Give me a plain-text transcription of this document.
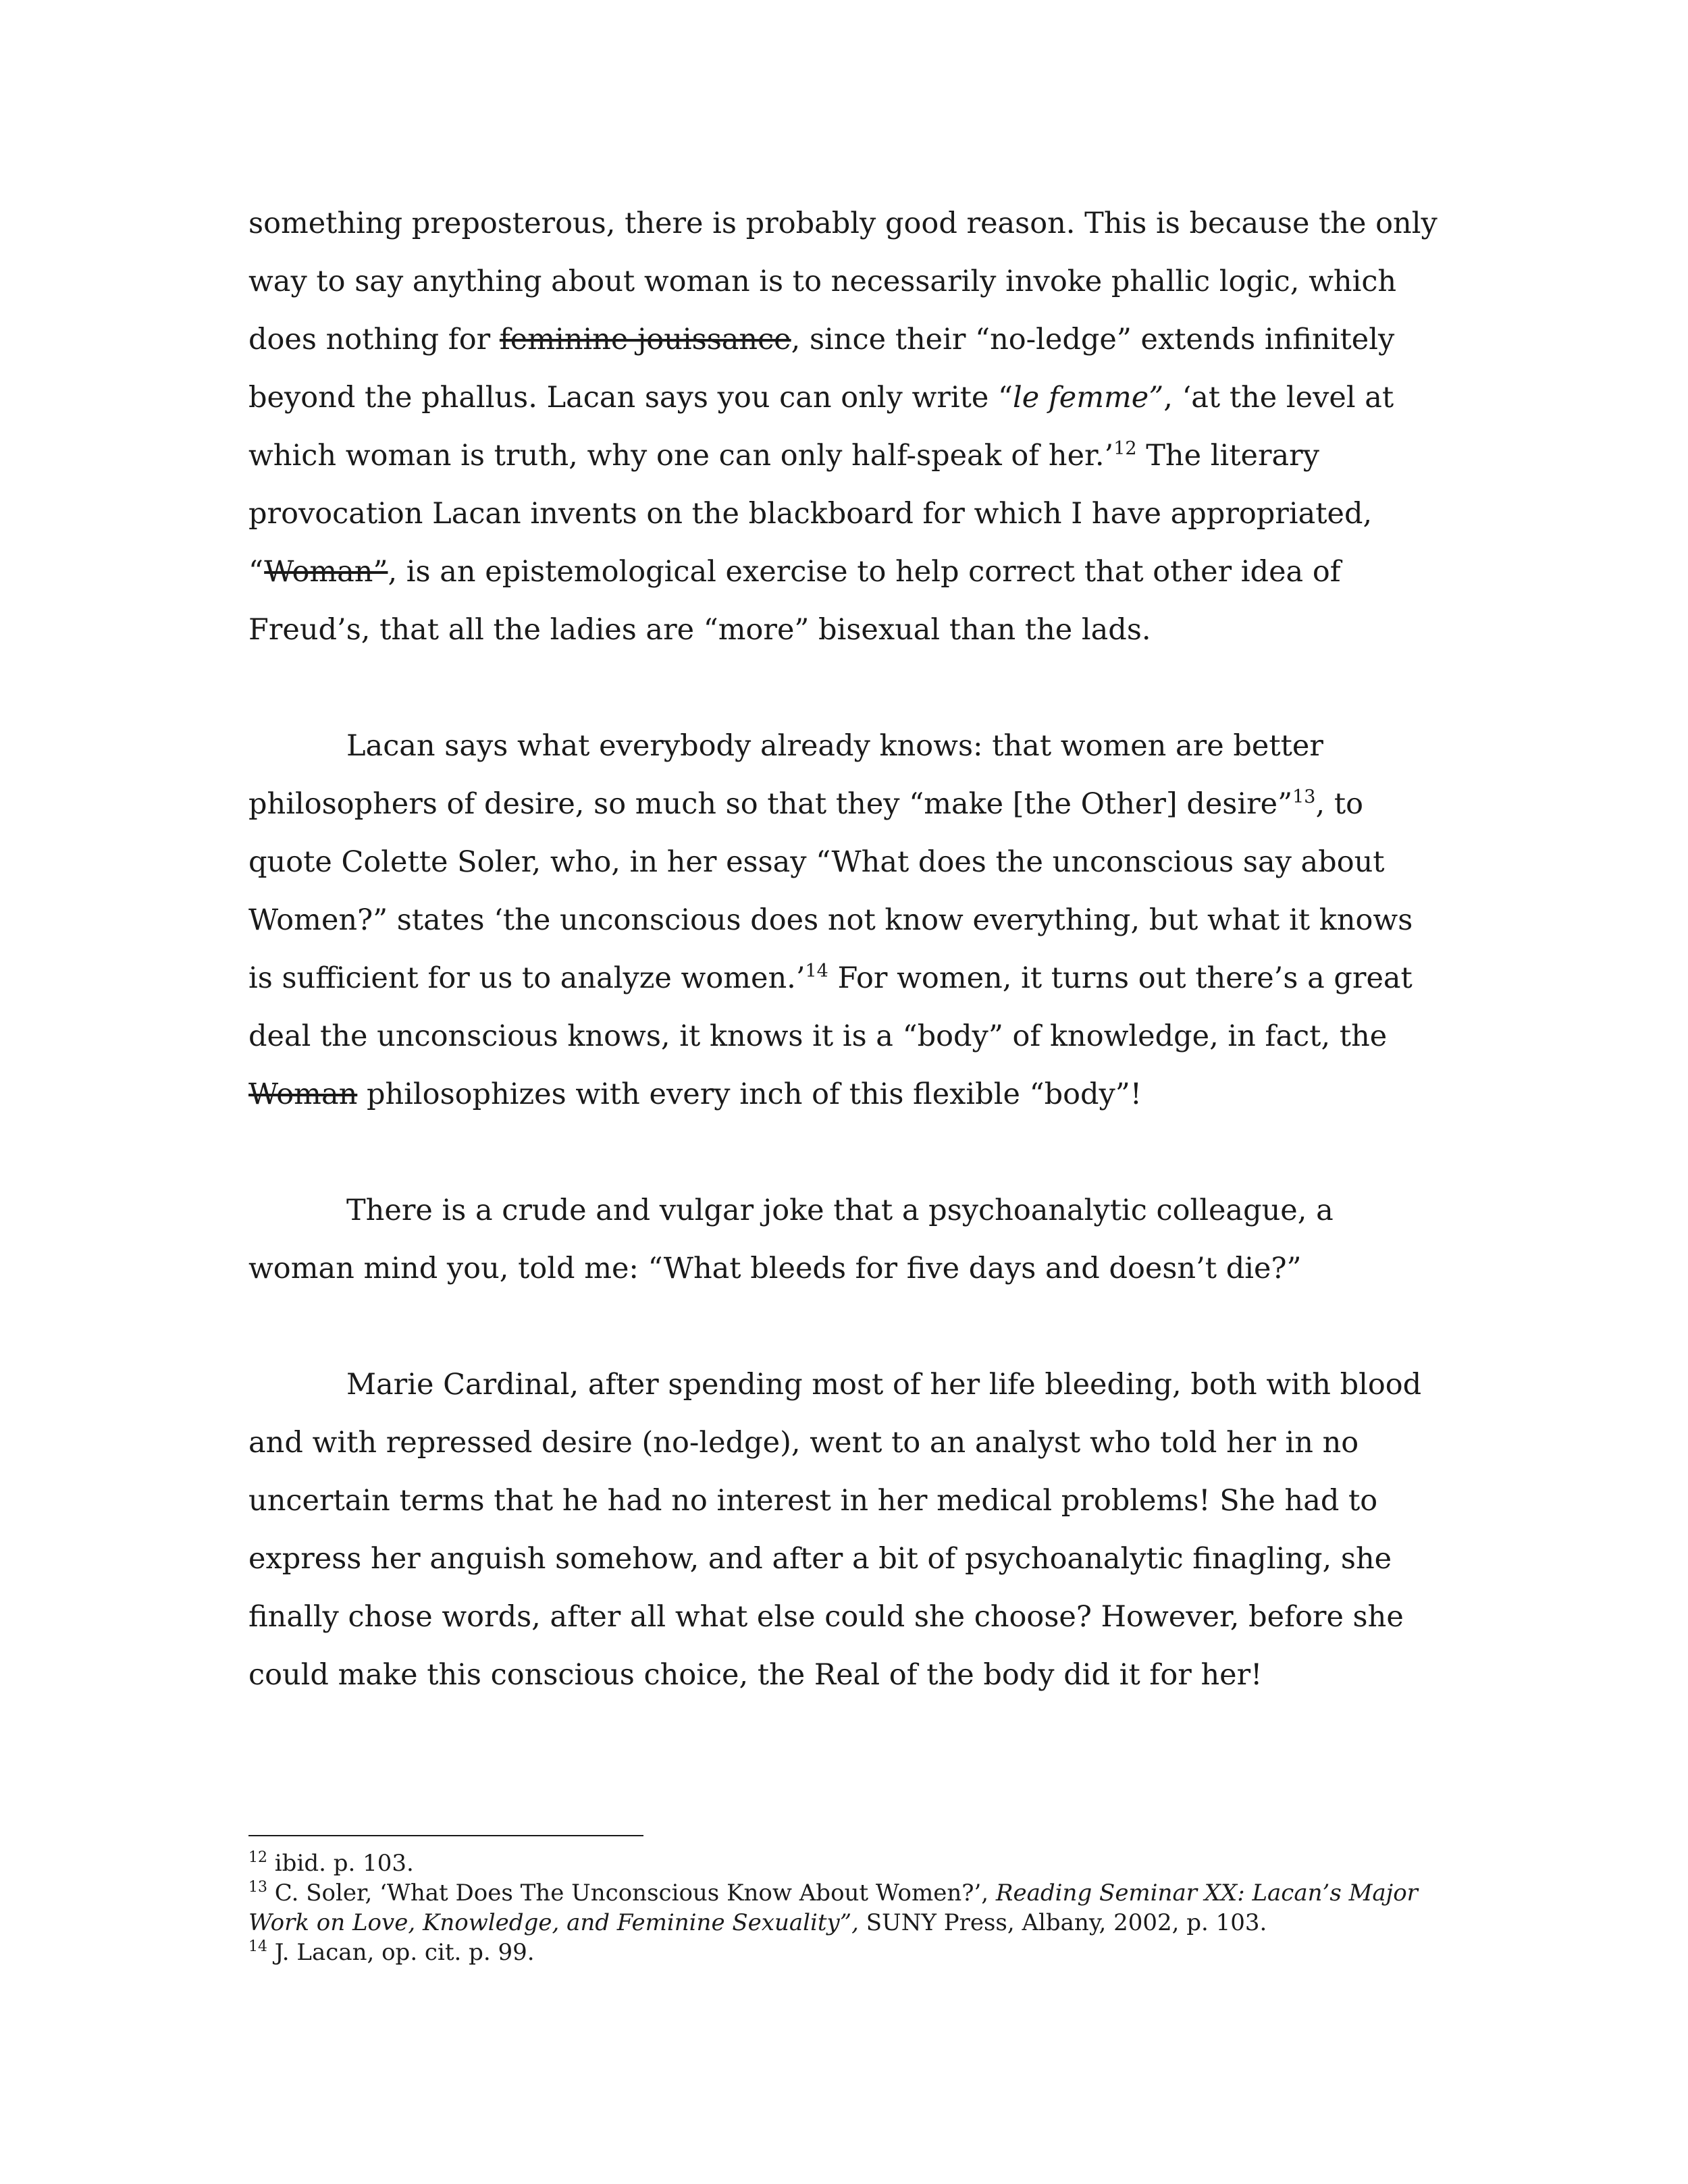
something preposterous, there is probably good reason. This is because the only way to say anything about woman is to necessarily invoke phallic logic, which does nothing for feminine jouissance, since their “no-ledge” extends infinitely beyond the phallus. Lacan says you can only write “le femme”, ‘at the level at which woman is truth, why one can only half-speak of her.’$^{12}$ The literary provocation Lacan invents on the blackboard for which I have appropriated, “Woman”, is an epistemological exercise to help correct that other idea of Freud’s, that all the ladies are “more” bisexual than the lads.

Lacan says what everybody already knows: that women are better philosophers of desire, so much so that they “make [the Other] desire”$^{13}$, to quote Colette Soler, who, in her essay “What does the unconscious say about Women?” states ‘the unconscious does not know everything, but what it knows is sufficient for us to analyze women.’$^{14}$ For women, it turns out there’s a great deal the unconscious knows, it knows it is a “body” of knowledge, in fact, the Woman philosophizes with every inch of this flexible “body”!

There is a crude and vulgar joke that a psychoanalytic colleague, a woman mind you, told me: “What bleeds for five days and doesn’t die?”

Marie Cardinal, after spending most of her life bleeding, both with blood and with repressed desire (no-ledge), went to an analyst who told her in no uncertain terms that he had no interest in her medical problems! She had to express her anguish somehow, and after a bit of psychoanalytic finagling, she finally chose words, after all what else could she choose? However, before she could make this conscious choice, the Real of the body did it for her!

$^{12}$ ibid. p. 103.

$^{13}$ C. Soler, ‘What Does The Unconscious Know About Women?’, Reading Seminar XX: Lacan’s Major Work on Love, Knowledge, and Feminine Sexuality”, SUNY Press, Albany, 2002, p. 103.

$^{14}$ J. Lacan, op. cit. p. 99.
